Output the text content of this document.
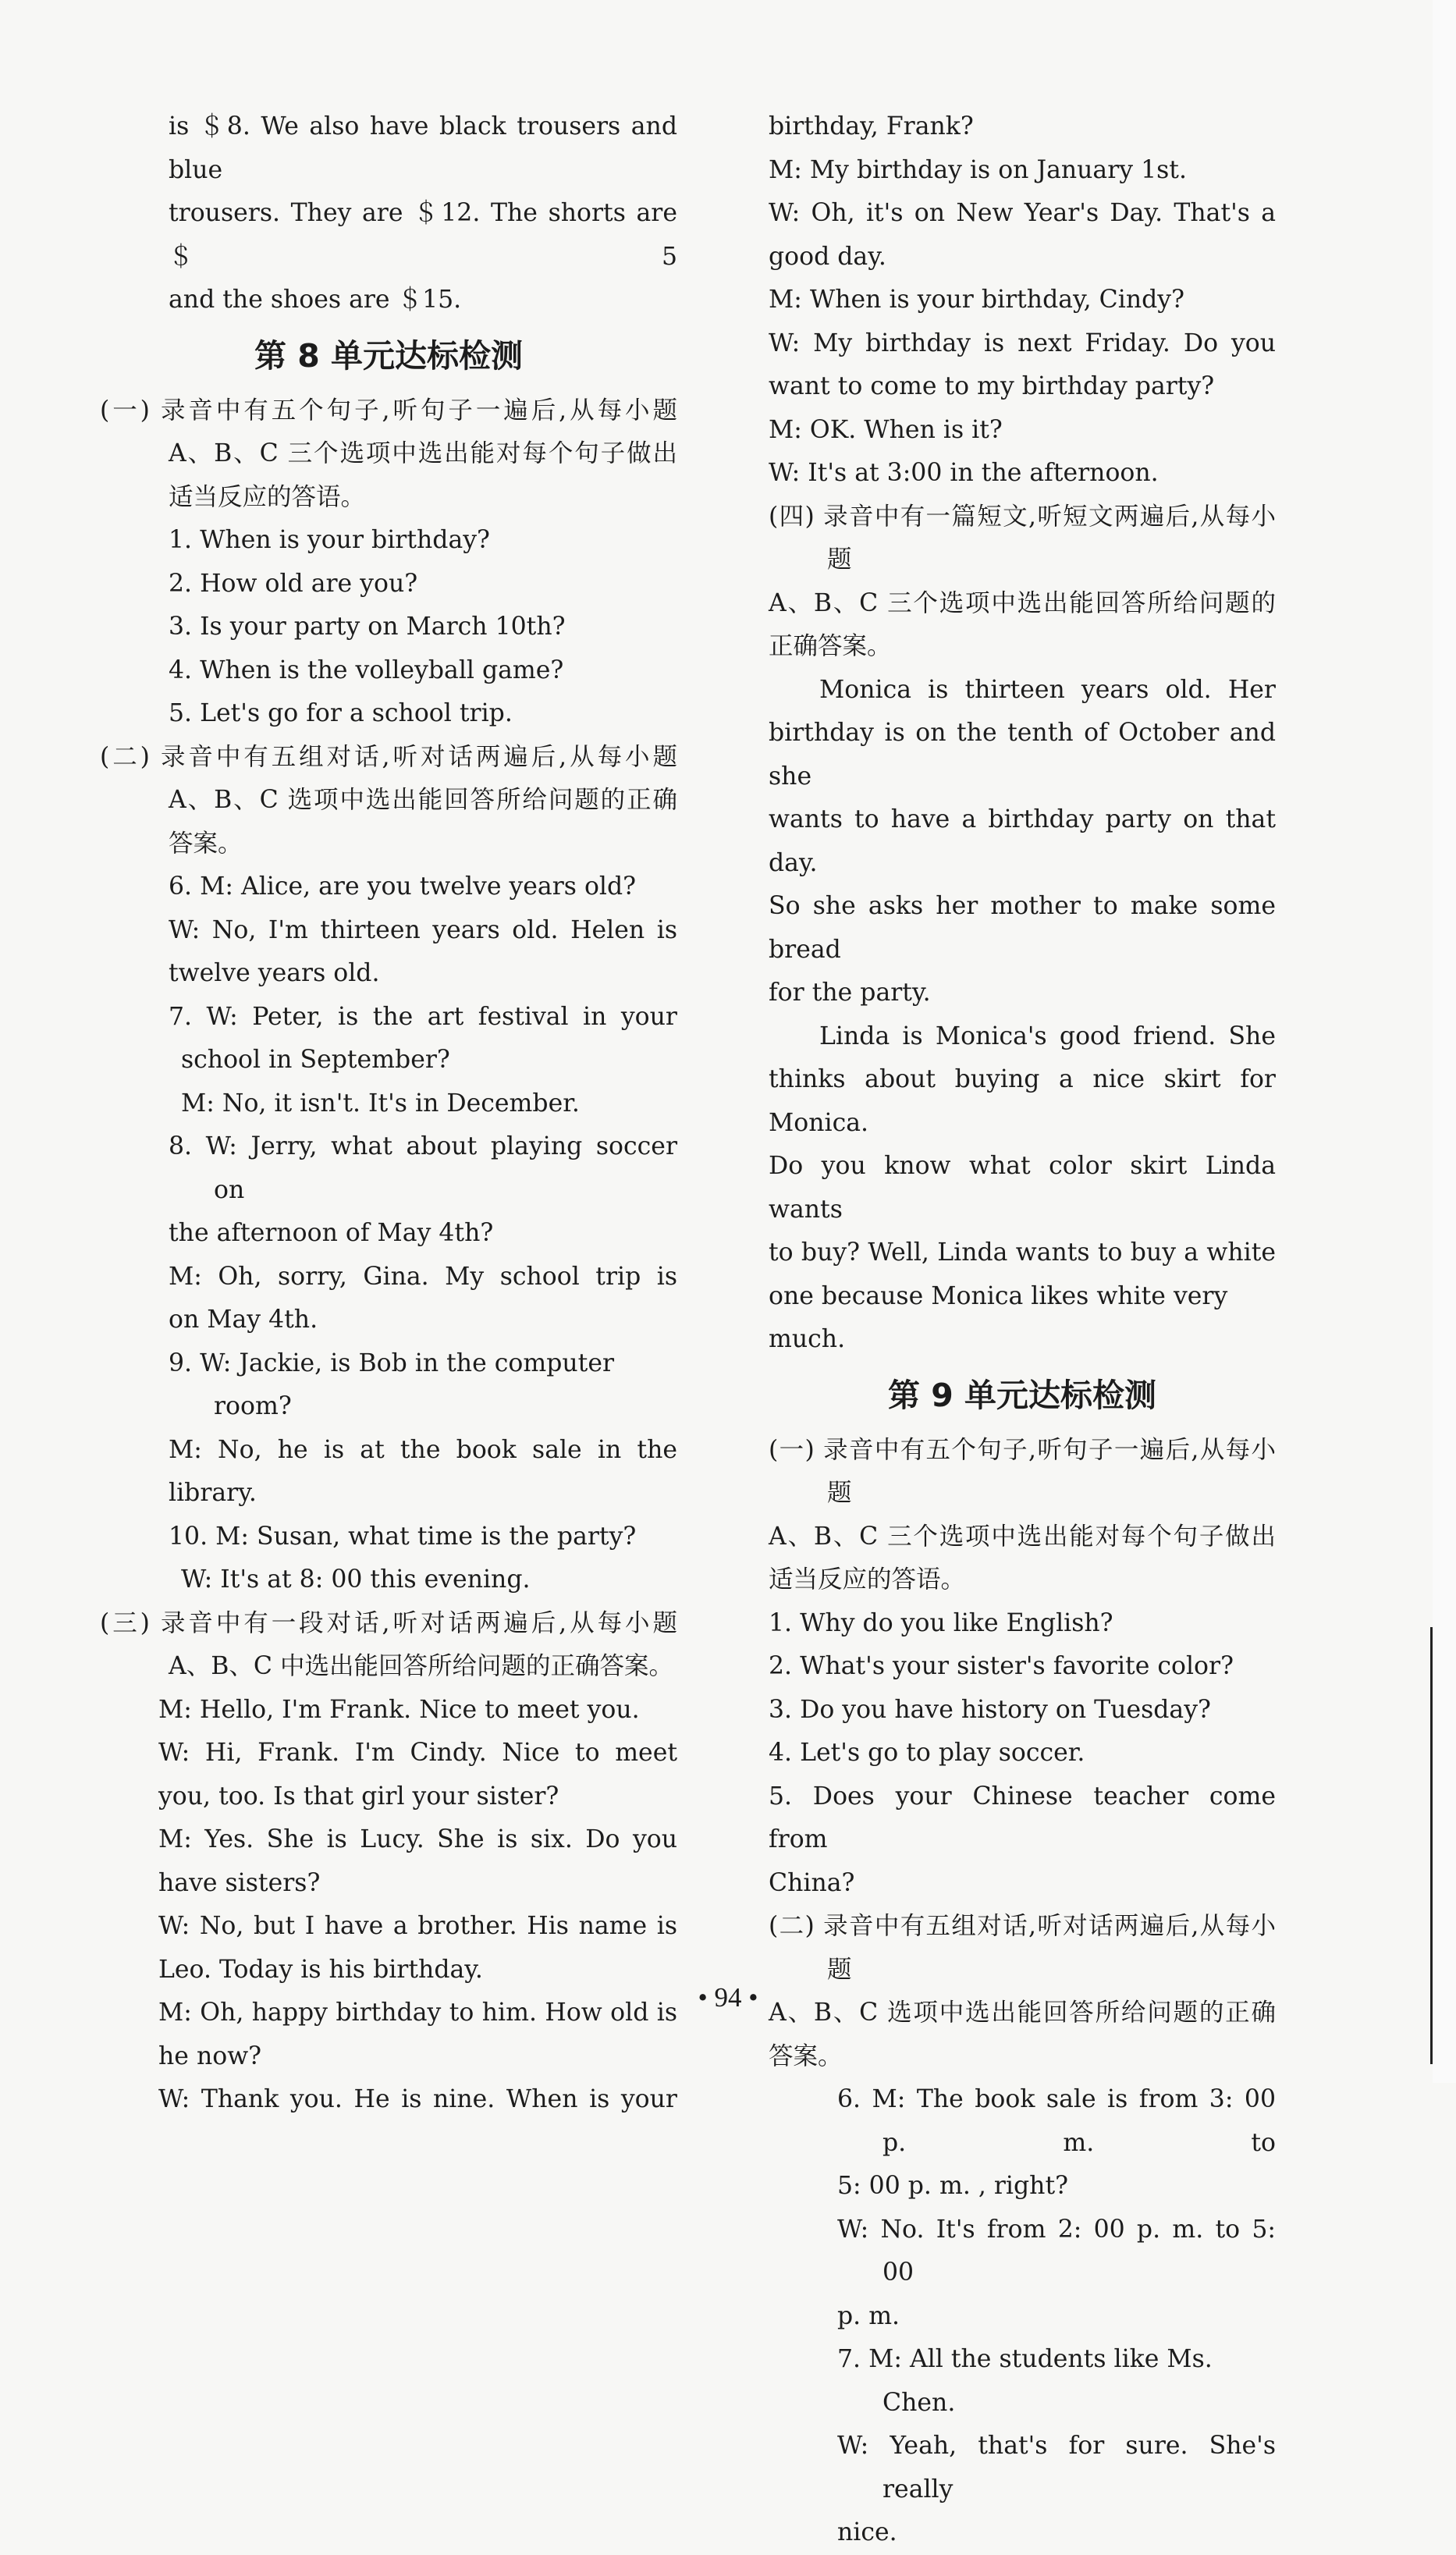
is ＄8. We also have black trousers and blue

trousers. They are ＄12. The shorts are ＄5

and the shoes are ＄15.

第 8 单元达标检测

(一) 录音中有五个句子,听句子一遍后,从每小题

A、B、C 三个选项中选出能对每个句子做出

适当反应的答语。

1. When is your birthday?

2. How old are you?

3. Is your party on March 10th?

4. When is the volleyball game?

5. Let's go for a school trip.

(二) 录音中有五组对话,听对话两遍后,从每小题

A、B、C 选项中选出能回答所给问题的正确

答案。

6. M: Alice, are you twelve years old?

W: No, I'm thirteen years old. Helen is

twelve years old.

7. W: Peter, is the art festival in your

school in September?

M: No, it isn't. It's in December.

8. W: Jerry, what about playing soccer on

the afternoon of May 4th?

M: Oh, sorry, Gina. My school trip is

on May 4th.

9. W: Jackie, is Bob in the computer room?

M: No, he is at the book sale in the

library.

10. M: Susan, what time is the party?

W: It's at 8: 00 this evening.

(三) 录音中有一段对话,听对话两遍后,从每小题

A、B、C 中选出能回答所给问题的正确答案。

M: Hello, I'm Frank. Nice to meet you.

W: Hi, Frank. I'm Cindy. Nice to meet

you, too. Is that girl your sister?

M: Yes. She is Lucy. She is six. Do you

have sisters?

W: No, but I have a brother. His name is

Leo. Today is his birthday.

M: Oh, happy birthday to him. How old is

he now?

W: Thank you. He is nine. When is your

birthday, Frank?

M: My birthday is on January 1st.

W: Oh, it's on New Year's Day. That's a

good day.

M: When is your birthday, Cindy?

W: My birthday is next Friday. Do you

want to come to my birthday party?

M: OK. When is it?

W: It's at 3:00 in the afternoon.

(四) 录音中有一篇短文,听短文两遍后,从每小题

A、B、C 三个选项中选出能回答所给问题的

正确答案。

Monica is thirteen years old. Her

birthday is on the tenth of October and she

wants to have a birthday party on that day.

So she asks her mother to make some bread

for the party.

Linda is Monica's good friend. She

thinks about buying a nice skirt for Monica.

Do you know what color skirt Linda wants

to buy? Well, Linda wants to buy a white

one because Monica likes white very much.

第 9 单元达标检测

(一) 录音中有五个句子,听句子一遍后,从每小题

A、B、C 三个选项中选出能对每个句子做出

适当反应的答语。

1. Why do you like English?

2. What's your sister's favorite color?

3. Do you have history on Tuesday?

4. Let's go to play soccer.

5. Does your Chinese teacher come from

China?

(二) 录音中有五组对话,听对话两遍后,从每小题

A、B、C 选项中选出能回答所给问题的正确

答案。

6. M: The book sale is from 3: 00 p. m. to

5: 00 p. m. , right?

W: No. It's from 2: 00 p. m. to 5: 00

p. m.

7. M: All the students like Ms. Chen.

W: Yeah, that's for sure. She's really

nice.

• 94 •
